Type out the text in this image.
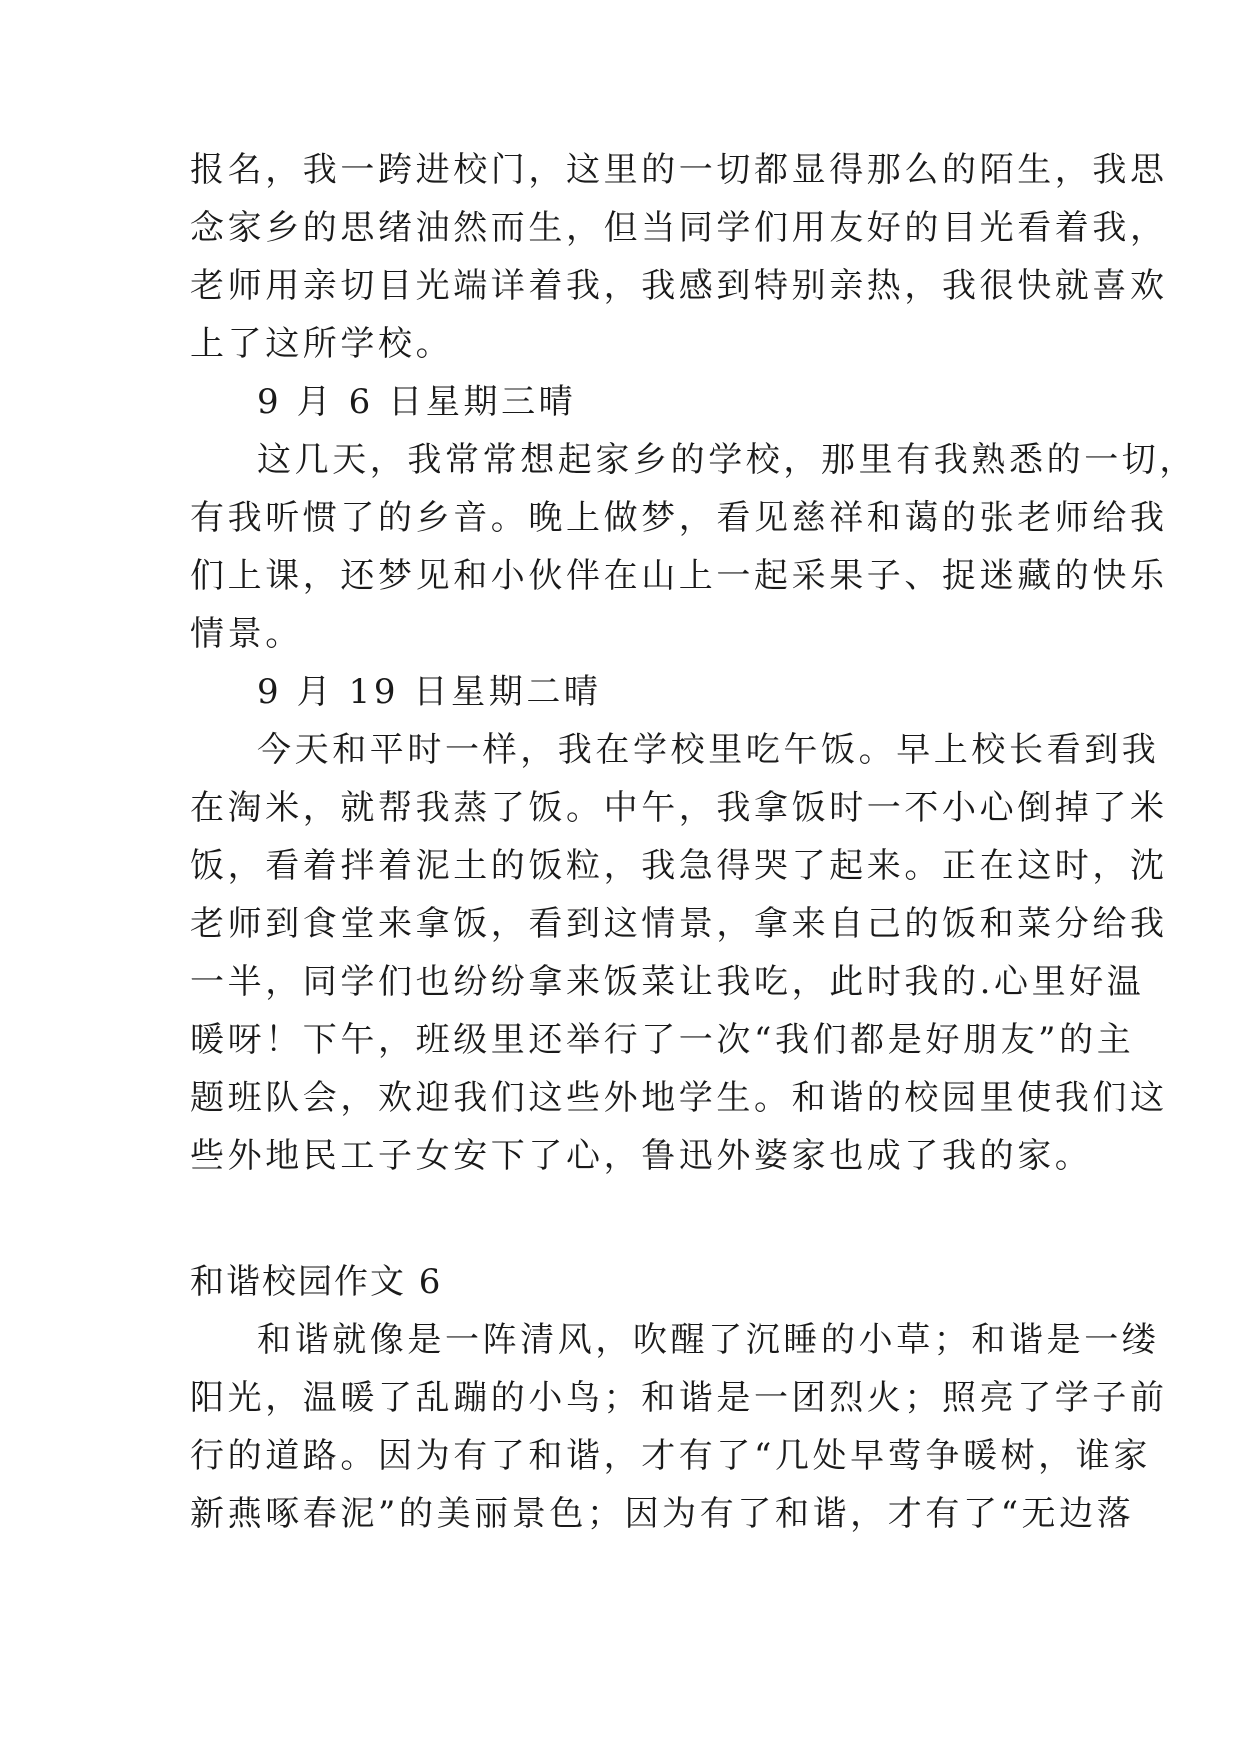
报名，我一跨进校门，这里的一切都显得那么的陌生，我思
念家乡的思绪油然而生，但当同学们用友好的目光看着我，
老师用亲切目光端详着我，我感到特别亲热，我很快就喜欢
上了这所学校。
9 月 6 日星期三晴
这几天，我常常想起家乡的学校，那里有我熟悉的一切，
有我听惯了的乡音。晚上做梦，看见慈祥和蔼的张老师给我
们上课，还梦见和小伙伴在山上一起采果子、捉迷藏的快乐
情景。
9 月 19 日星期二晴
今天和平时一样，我在学校里吃午饭。早上校长看到我
在淘米，就帮我蒸了饭。中午，我拿饭时一不小心倒掉了米
饭，看着拌着泥土的饭粒，我急得哭了起来。正在这时，沈
老师到食堂来拿饭，看到这情景，拿来自己的饭和菜分给我
一半，同学们也纷纷拿来饭菜让我吃，此时我的.心里好温
暖呀！下午，班级里还举行了一次“我们都是好朋友”的主
题班队会，欢迎我们这些外地学生。和谐的校园里使我们这
些外地民工子女安下了心，鲁迅外婆家也成了我的家。
和谐校园作文 6
和谐就像是一阵清风，吹醒了沉睡的小草；和谐是一缕
阳光，温暖了乱蹦的小鸟；和谐是一团烈火；照亮了学子前
行的道路。因为有了和谐，才有了“几处早莺争暖树，谁家
新燕啄春泥”的美丽景色；因为有了和谐，才有了“无边落
